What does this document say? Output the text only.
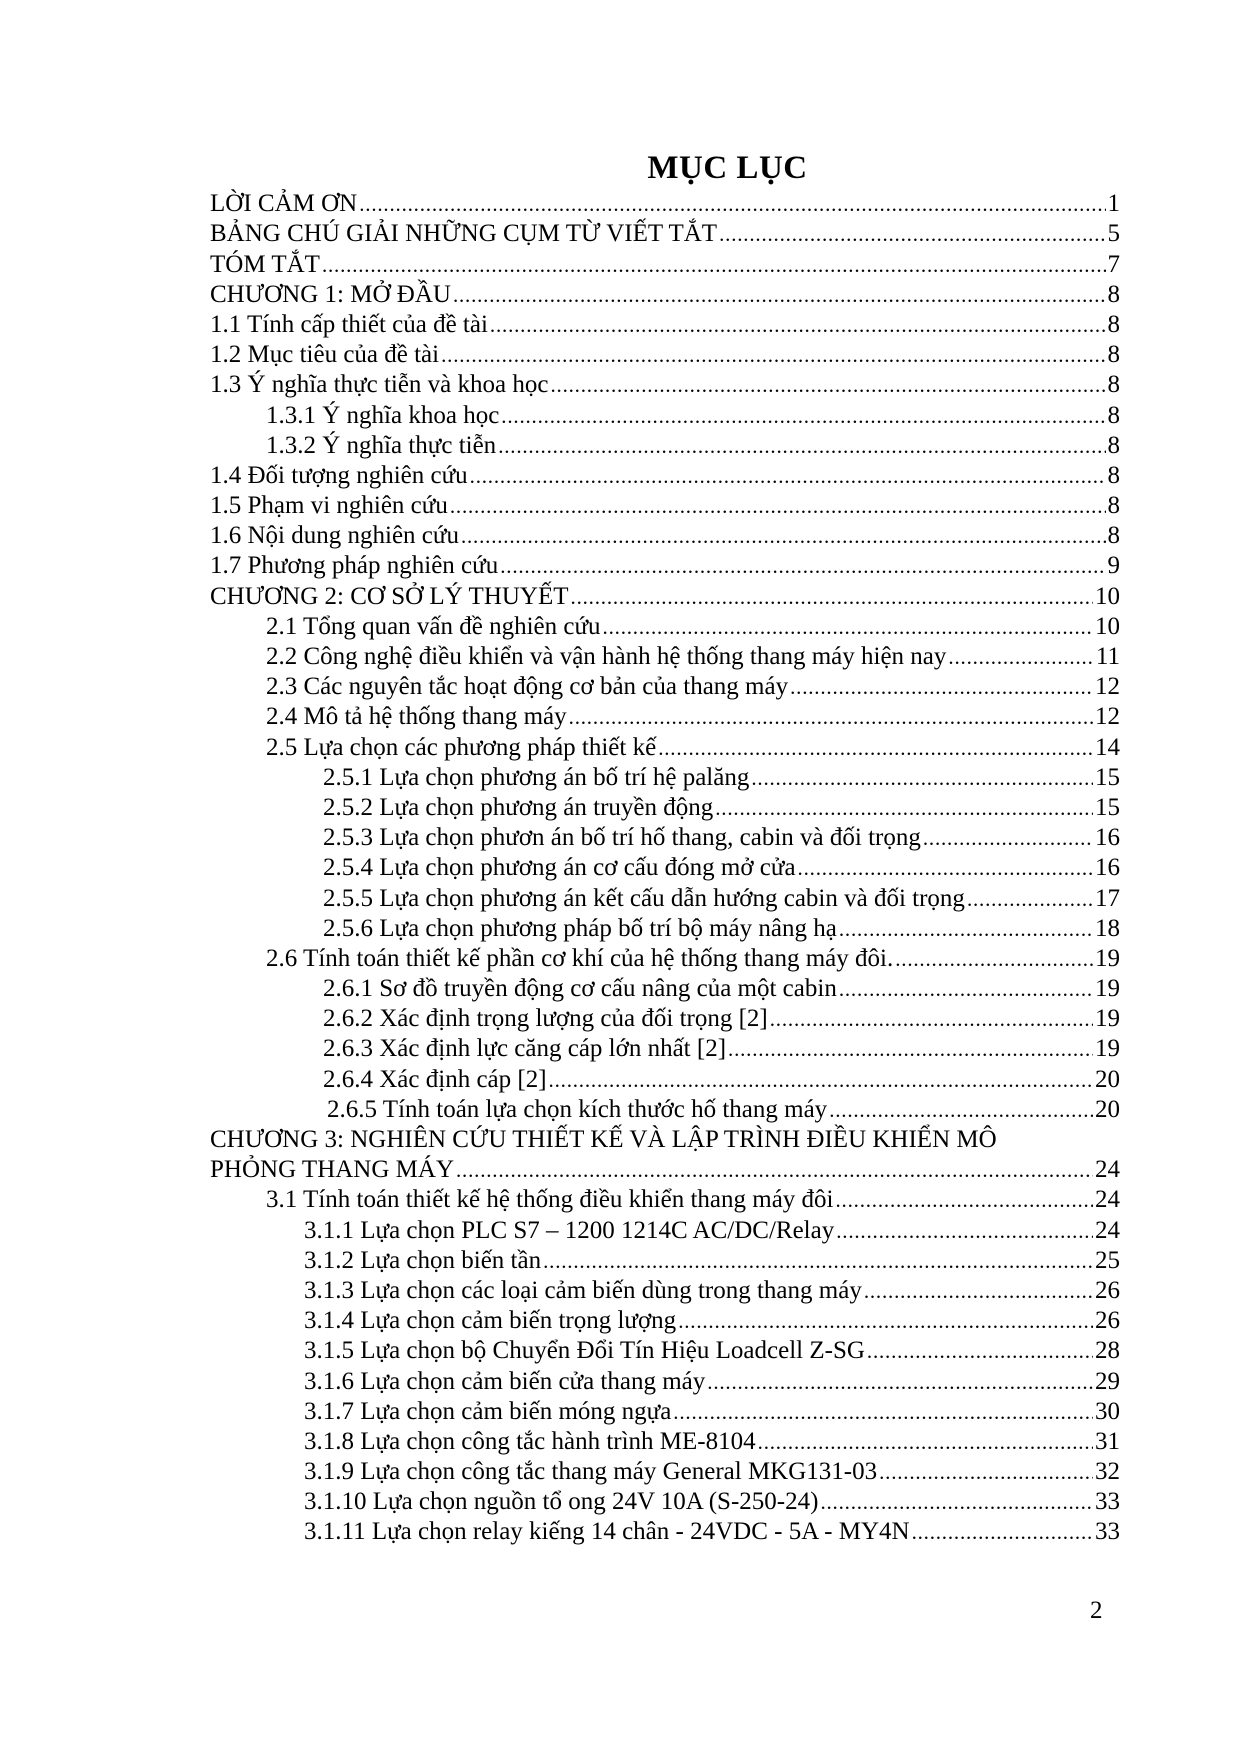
MỤC LỤC
LỜI CẢM ƠN .....	1
BẢNG CHÚ GIẢI NHỮNG CỤM TỪ VIẾT TẮT .....	5
TÓM TẮT .....	7
CHƯƠNG 1: MỞ ĐẦU .....	8
1.1 Tính cấp thiết của đề tài .....	8
1.2 Mục tiêu của đề tài .....	8
1.3 Ý nghĩa thực tiễn và khoa học .....	8
1.3.1 Ý nghĩa khoa học .....	8
1.3.2 Ý nghĩa thực tiễn .....	8
1.4 Đối tượng nghiên cứu .....	8
1.5 Phạm vi nghiên cứu .....	8
1.6 Nội dung nghiên cứu .....	8
1.7 Phương pháp nghiên cứu .....	9
CHƯƠNG 2: CƠ SỞ LÝ THUYẾT .....	10
2.1 Tổng quan vấn đề nghiên cứu .....	10
2.2 Công nghệ điều khiển và vận hành hệ thống thang máy hiện nay .....	11
2.3 Các nguyên tắc hoạt động cơ bản của thang máy .....	12
2.4 Mô tả hệ thống thang máy .....	12
2.5 Lựa chọn các phương pháp thiết kế .....	14
2.5.1 Lựa chọn phương án bố trí hệ palăng .....	15
2.5.2 Lựa chọn phương án truyền động .....	15
2.5.3 Lựa chọn phươn án bố trí hố thang, cabin và đối trọng .....	16
2.5.4 Lựa chọn phương án cơ cấu đóng mở cửa .....	16
2.5.5 Lựa chọn phương án kết cấu dẫn hướng cabin và đối trọng .....	17
2.5.6 Lựa chọn phương pháp bố trí bộ máy nâng hạ .....	18
2.6 Tính toán thiết kế phần cơ khí của hệ thống thang máy đôi. .....	19
2.6.1 Sơ đồ truyền động cơ cấu nâng của một cabin .....	19
2.6.2 Xác định trọng lượng của đối trọng [2] .....	19
2.6.3 Xác định lực căng cáp lớn nhất [2] .....	19
2.6.4 Xác định cáp [2] .....	20
2.6.5 Tính toán lựa chọn kích thước hố thang máy .....	20
CHƯƠNG 3: NGHIÊN CỨU THIẾT KẾ VÀ LẬP TRÌNH ĐIỀU KHIỂN MÔ
PHỎNG THANG MÁY .....	24
3.1 Tính toán thiết kế hệ thống điều khiển thang máy đôi .....	24
3.1.1 Lựa chọn PLC S7 – 1200 1214C AC/DC/Relay .....	24
3.1.2 Lựa chọn biến tần .....	25
3.1.3 Lựa chọn các loại cảm biến dùng trong thang máy .....	26
3.1.4 Lựa chọn cảm biến trọng lượng .....	26
3.1.5 Lựa chọn bộ Chuyển Đổi Tín Hiệu Loadcell Z-SG .....	28
3.1.6 Lựa chọn cảm biến cửa thang máy .....	29
3.1.7 Lựa chọn cảm biến móng ngựa .....	30
3.1.8 Lựa chọn công tắc hành trình ME-8104 .....	31
3.1.9 Lựa chọn công tắc thang máy General MKG131-03 .....	32
3.1.10 Lựa chọn nguồn tổ ong 24V 10A (S-250-24) .....	33
3.1.11 Lựa chọn relay kiếng 14 chân - 24VDC - 5A - MY4N .....	33
2
